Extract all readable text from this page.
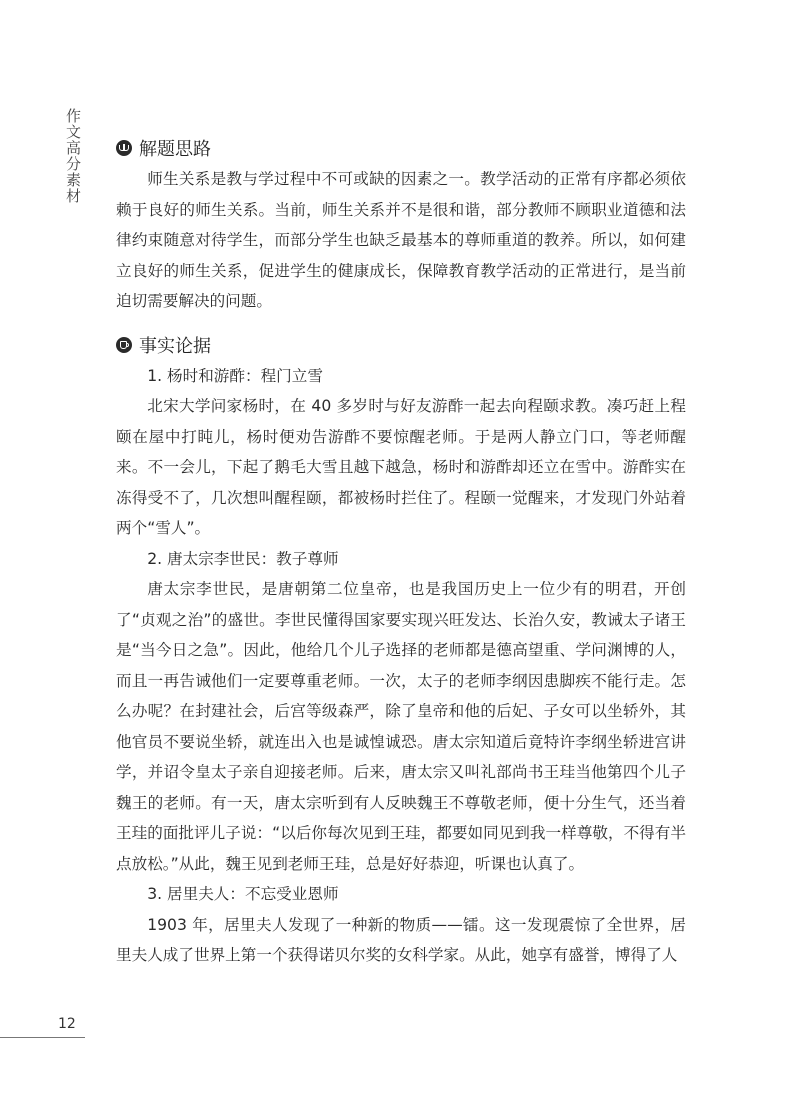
作文高分素材	解题思路

师生关系是教与学过程中不可或缺的因素之一。教学活动的正常有序都必须依赖于良好的师生关系。当前，师生关系并不是很和谐，部分教师不顾职业道德和法律约束随意对待学生，而部分学生也缺乏最基本的尊师重道的教养。所以，如何建立良好的师生关系，促进学生的健康成长，保障教育教学活动的正常进行，是当前迫切需要解决的问题。

事实论据

1. 杨时和游酢：程门立雪

北宋大学问家杨时，在 40 多岁时与好友游酢一起去向程颐求教。凑巧赶上程颐在屋中打盹儿，杨时便劝告游酢不要惊醒老师。于是两人静立门口，等老师醒来。不一会儿，下起了鹅毛大雪且越下越急，杨时和游酢却还立在雪中。游酢实在冻得受不了，几次想叫醒程颐，都被杨时拦住了。程颐一觉醒来，才发现门外站着两个“雪人”。

2. 唐太宗李世民：教子尊师

唐太宗李世民，是唐朝第二位皇帝，也是我国历史上一位少有的明君，开创了“贞观之治”的盛世。李世民懂得国家要实现兴旺发达、长治久安，教诫太子诸王是“当今日之急”。因此，他给几个儿子选择的老师都是德高望重、学问渊博的人，而且一再告诫他们一定要尊重老师。一次，太子的老师李纲因患脚疾不能行走。怎么办呢？在封建社会，后宫等级森严，除了皇帝和他的后妃、子女可以坐轿外，其他官员不要说坐轿，就连出入也是诚惶诚恐。唐太宗知道后竟特许李纲坐轿进宫讲学，并诏令皇太子亲自迎接老师。后来，唐太宗又叫礼部尚书王珪当他第四个儿子魏王的老师。有一天，唐太宗听到有人反映魏王不尊敬老师，便十分生气，还当着王珪的面批评儿子说：“以后你每次见到王珪，都要如同见到我一样尊敬，不得有半点放松。”从此，魏王见到老师王珪，总是好好恭迎，听课也认真了。

3. 居里夫人：不忘受业恩师

1903 年，居里夫人发现了一种新的物质——镭。这一发现震惊了全世界，居里夫人成了世界上第一个获得诺贝尔奖的女科学家。从此，她享有盛誉，博得了人

12
